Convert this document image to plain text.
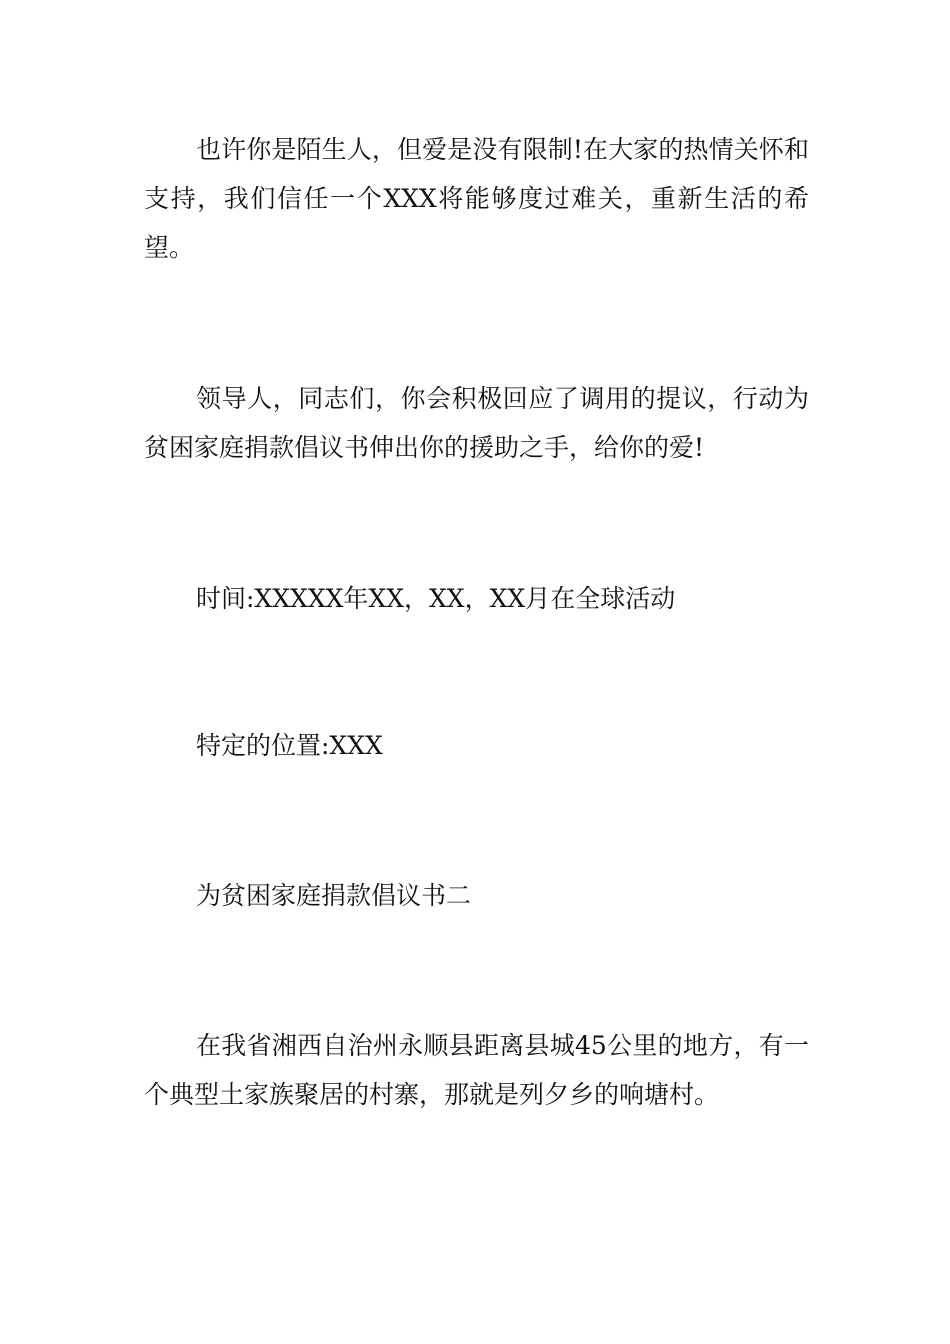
也许你是陌生人，但爱是没有限制!在大家的热情关怀和支持，我们信任一个XXX将能够度过难关，重新生活的希望。

领导人，同志们，你会积极回应了调用的提议，行动为贫困家庭捐款倡议书伸出你的援助之手，给你的爱!

时间:XXXXX年XX，XX，XX月在全球活动

特定的位置:XXX

为贫困家庭捐款倡议书二

在我省湘西自治州永顺县距离县城45公里的地方，有一个典型土家族聚居的村寨，那就是列夕乡的响塘村。
